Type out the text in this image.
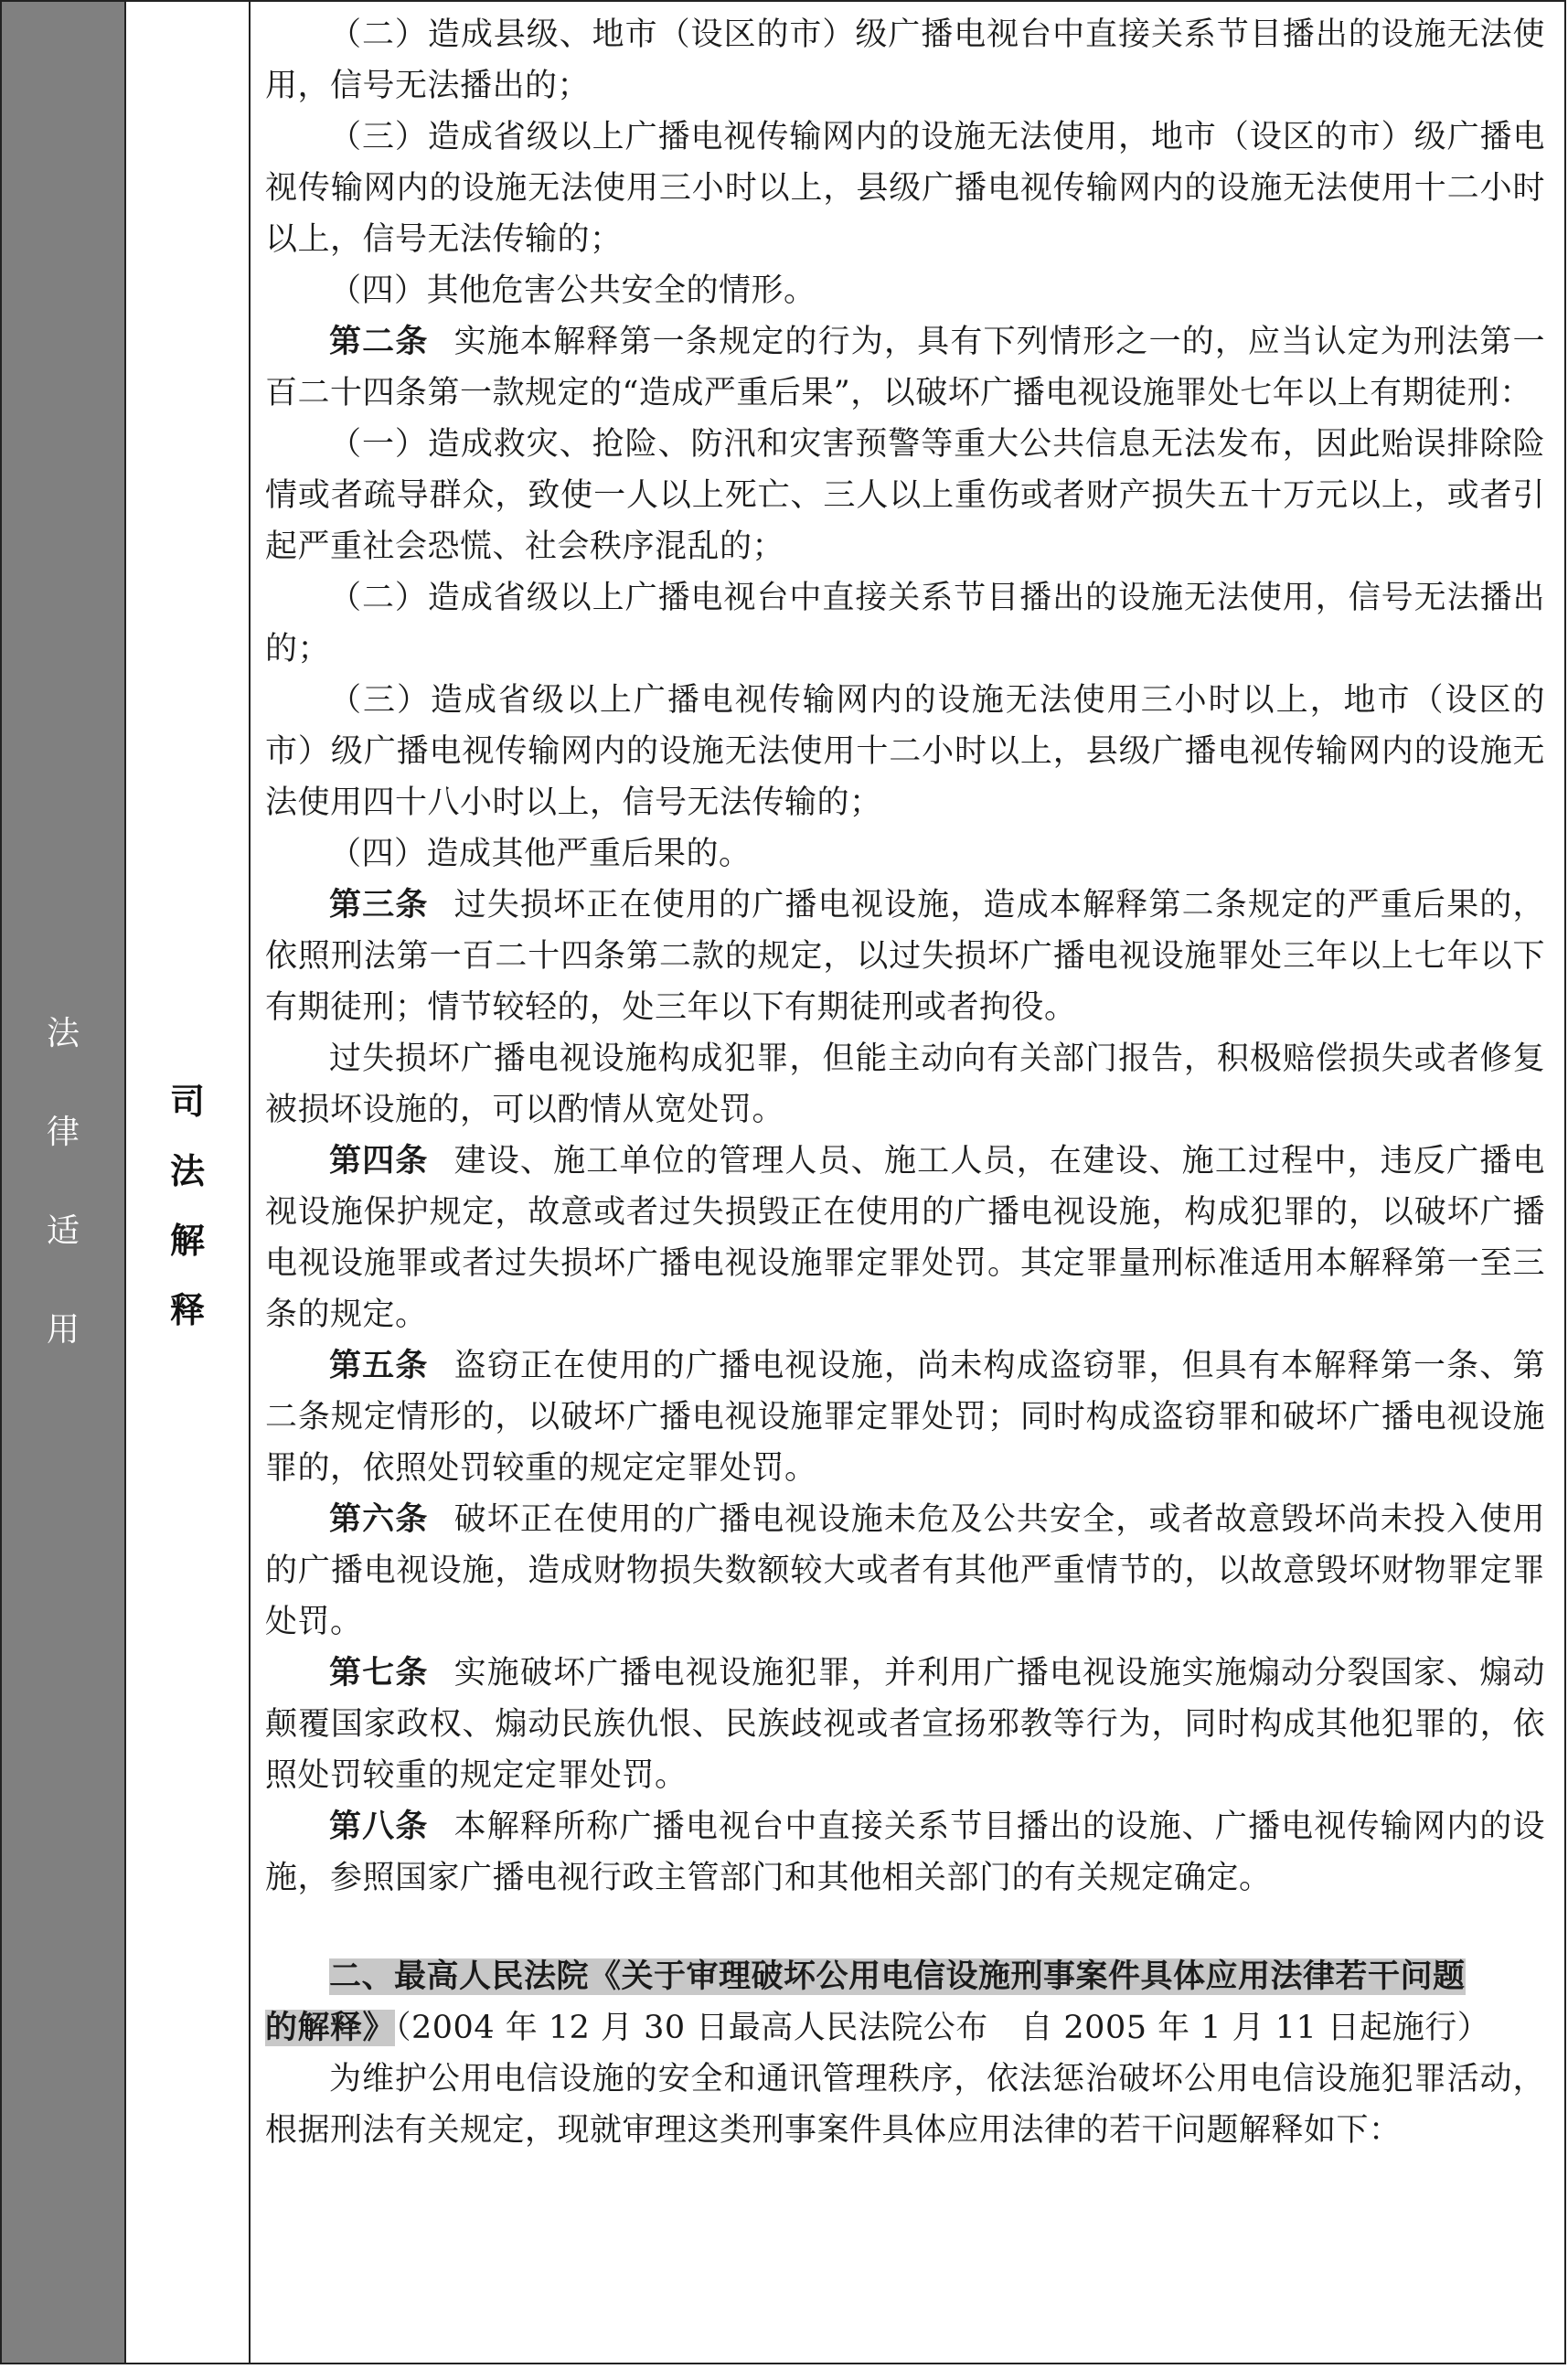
法
律
适
用
司
法
解
释

（二）造成县级、地市（设区的市）级广播电视台中直接关系节目播出的设施无法使用，信号无法播出的；

（三）造成省级以上广播电视传输网内的设施无法使用，地市（设区的市）级广播电视传输网内的设施无法使用三小时以上，县级广播电视传输网内的设施无法使用十二小时以上，信号无法传输的；

（四）其他危害公共安全的情形。

第二条 实施本解释第一条规定的行为，具有下列情形之一的，应当认定为刑法第一百二十四条第一款规定的“造成严重后果”，以破坏广播电视设施罪处七年以上有期徒刑：

（一）造成救灾、抢险、防汛和灾害预警等重大公共信息无法发布，因此贻误排除险情或者疏导群众，致使一人以上死亡、三人以上重伤或者财产损失五十万元以上，或者引起严重社会恐慌、社会秩序混乱的；

（二）造成省级以上广播电视台中直接关系节目播出的设施无法使用，信号无法播出的；

（三）造成省级以上广播电视传输网内的设施无法使用三小时以上，地市（设区的市）级广播电视传输网内的设施无法使用十二小时以上，县级广播电视传输网内的设施无法使用四十八小时以上，信号无法传输的；

（四）造成其他严重后果的。

第三条 过失损坏正在使用的广播电视设施，造成本解释第二条规定的严重后果的，依照刑法第一百二十四条第二款的规定，以过失损坏广播电视设施罪处三年以上七年以下有期徒刑；情节较轻的，处三年以下有期徒刑或者拘役。

过失损坏广播电视设施构成犯罪，但能主动向有关部门报告，积极赔偿损失或者修复被损坏设施的，可以酌情从宽处罚。

第四条 建设、施工单位的管理人员、施工人员，在建设、施工过程中，违反广播电视设施保护规定，故意或者过失损毁正在使用的广播电视设施，构成犯罪的，以破坏广播电视设施罪或者过失损坏广播电视设施罪定罪处罚。其定罪量刑标准适用本解释第一至三条的规定。

第五条 盗窃正在使用的广播电视设施，尚未构成盗窃罪，但具有本解释第一条、第二条规定情形的，以破坏广播电视设施罪定罪处罚；同时构成盗窃罪和破坏广播电视设施罪的，依照处罚较重的规定定罪处罚。

第六条 破坏正在使用的广播电视设施未危及公共安全，或者故意毁坏尚未投入使用的广播电视设施，造成财物损失数额较大或者有其他严重情节的，以故意毁坏财物罪定罪处罚。

第七条 实施破坏广播电视设施犯罪，并利用广播电视设施实施煽动分裂国家、煽动颠覆国家政权、煽动民族仇恨、民族歧视或者宣扬邪教等行为，同时构成其他犯罪的，依照处罚较重的规定定罪处罚。

第八条 本解释所称广播电视台中直接关系节目播出的设施、广播电视传输网内的设施，参照国家广播电视行政主管部门和其他相关部门的有关规定确定。

二、最高人民法院《关于审理破坏公用电信设施刑事案件具体应用法律若干问题

的解释》（2004 年 12 月 30 日最高人民法院公布　自 2005 年 1 月 11 日起施行）

为维护公用电信设施的安全和通讯管理秩序，依法惩治破坏公用电信设施犯罪活动，根据刑法有关规定，现就审理这类刑事案件具体应用法律的若干问题解释如下：
